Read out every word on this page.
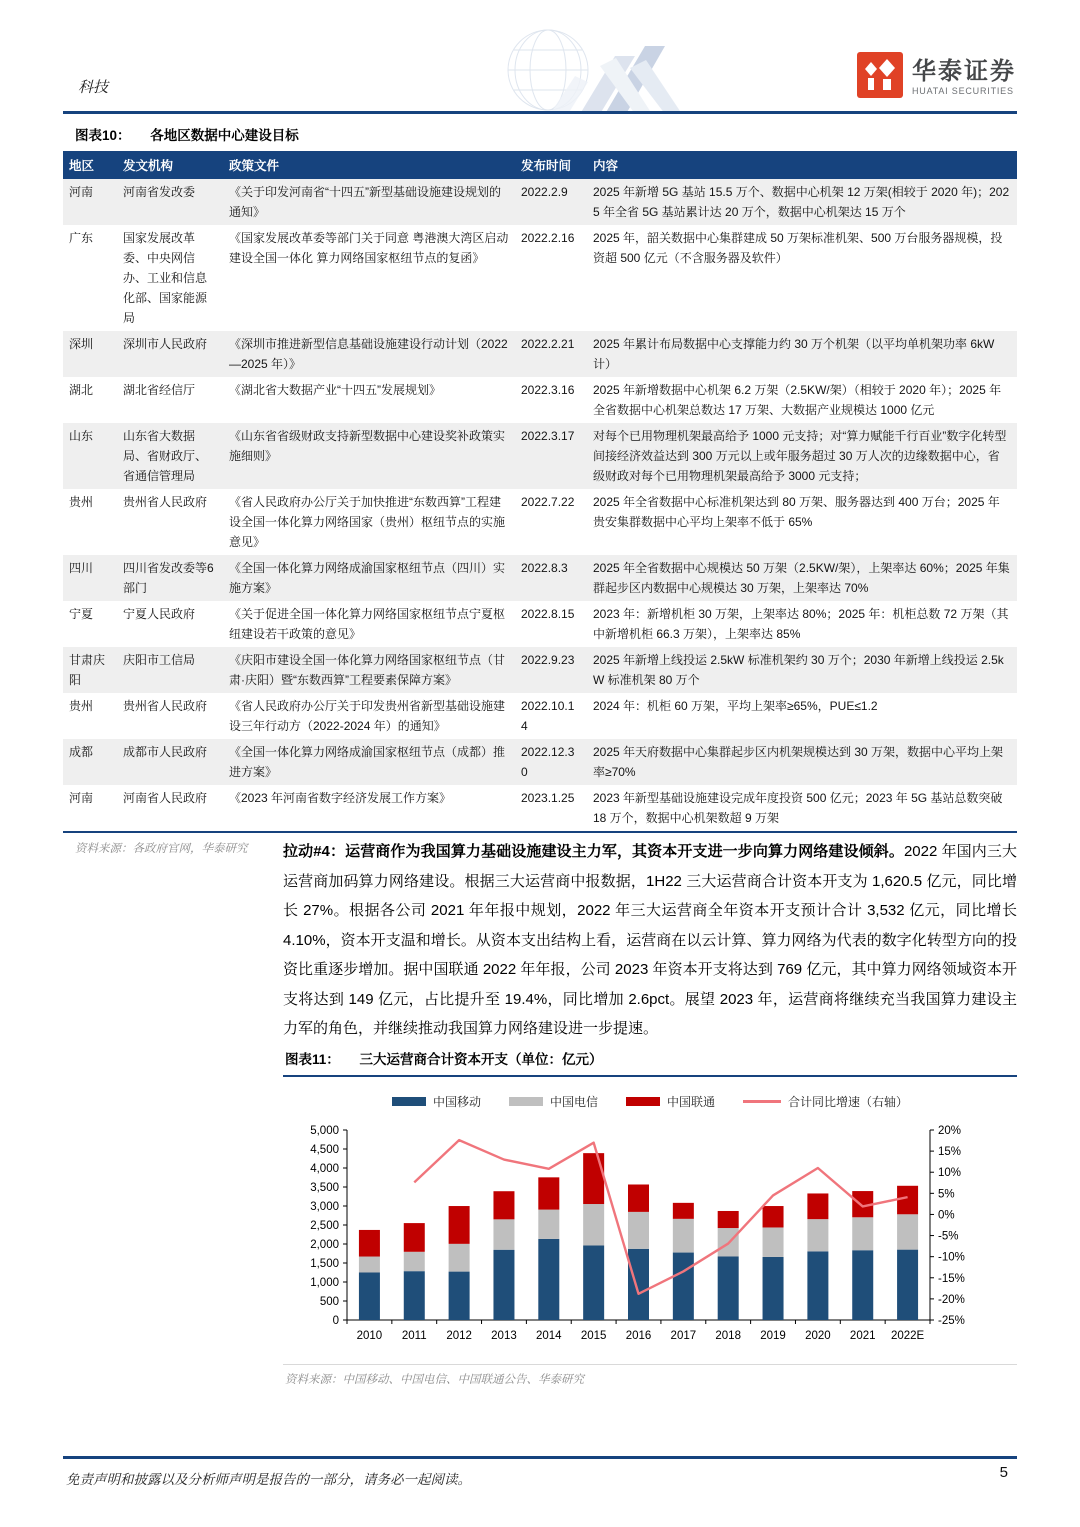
科技
华泰证券
HUATAI SECURITIES
图表10： 各地区数据中心建设目标
地区	发文机构	政策文件	发布时间	内容
河南	河南省发改委	《关于印发河南省“十四五”新型基础设施建设规划的通知》	2022.2.9	2025 年新增 5G 基站 15.5 万个、数据中心机架 12 万架(相较于 2020 年)；2025 年全省 5G 基站累计达 20 万个，数据中心机架达 15 万个
广东	国家发展改革委、中央网信办、工业和信息化部、国家能源局	《国家发展改革委等部门关于同意 粤港澳大湾区启动建设全国一体化 算力网络国家枢纽节点的复函》	2022.2.16	2025 年，韶关数据中心集群建成 50 万架标准机架、500 万台服务器规模，投资超 500 亿元（不含服务器及软件）
深圳	深圳市人民政府	《深圳市推进新型信息基础设施建设行动计划（2022—2025 年）》	2022.2.21	2025 年累计布局数据中心支撑能力约 30 万个机架（以平均单机架功率 6kW 计）
湖北	湖北省经信厅	《湖北省大数据产业“十四五”发展规划》	2022.3.16	2025 年新增数据中心机架 6.2 万架（2.5KW/架）（相较于 2020 年）；2025 年全省数据中心机架总数达 17 万架、大数据产业规模达 1000 亿元
山东	山东省大数据局、省财政厅、省通信管理局	《山东省省级财政支持新型数据中心建设奖补政策实施细则》	2022.3.17	对每个已用物理机架最高给予 1000 元支持；对“算力赋能千行百业”数字化转型间接经济效益达到 300 万元以上或年服务超过 30 万人次的边缘数据中心，省级财政对每个已用物理机架最高给予 3000 元支持；
贵州	贵州省人民政府	《省人民政府办公厅关于加快推进“东数西算”工程建设全国一体化算力网络国家（贵州）枢纽节点的实施意见》	2022.7.22	2025 年全省数据中心标准机架达到 80 万架、服务器达到 400 万台；2025 年贵安集群数据中心平均上架率不低于 65%
四川	四川省发改委等6部门	《全国一体化算力网络成渝国家枢纽节点（四川）实施方案》	2022.8.3	2025 年全省数据中心规模达 50 万架（2.5KW/架），上架率达 60%；2025 年集群起步区内数据中心规模达 30 万架，上架率达 70%
宁夏	宁夏人民政府	《关于促进全国一体化算力网络国家枢纽节点宁夏枢纽建设若干政策的意见》	2022.8.15	2023 年：新增机柜 30 万架，上架率达 80%；2025 年：机柜总数 72 万架（其中新增机柜 66.3 万架），上架率达 85%
甘肃庆阳	庆阳市工信局	《庆阳市建设全国一体化算力网络国家枢纽节点（甘肃·庆阳）暨“东数西算”工程要素保障方案》	2022.9.23	2025 年新增上线投运 2.5kW 标准机架约 30 万个；2030 年新增上线投运 2.5kW 标准机架 80 万个
贵州	贵州省人民政府	《省人民政府办公厅关于印发贵州省新型基础设施建设三年行动方（2022-2024 年）的通知》	2022.10.14	2024 年：机柜 60 万架，平均上架率≥65%，PUE≤1.2
成都	成都市人民政府	《全国一体化算力网络成渝国家枢纽节点（成都）推进方案》	2022.12.30	2025 年天府数据中心集群起步区内机架规模达到 30 万架，数据中心平均上架率≥70%
河南	河南省人民政府	《2023 年河南省数字经济发展工作方案》	2023.1.25	2023 年新型基础设施建设完成年度投资 500 亿元；2023 年 5G 基站总数突破 18 万个，数据中心机架数超 9 万架
资料来源：各政府官网，华泰研究	拉动#4：运营商作为我国算力基础设施建设主力军，其资本开支进一步向算力网络建设倾斜。2022 年国内三大运营商加码算力网络建设。根据三大运营商中报数据，1H22 三大运营商合计资本开支为 1,620.5 亿元，同比增长 27%。根据各公司 2021 年年报中规划，2022 年三大运营商全年资本开支预计合计 3,532 亿元，同比增长 4.10%，资本开支温和增长。从资本支出结构上看，运营商在以云计算、算力网络为代表的数字化转型方向的投资比重逐步增加。据中国联通 2022 年年报，公司 2023 年资本开支将达到 769 亿元，其中算力网络领域资本开支将达到 149 亿元，占比提升至 19.4%，同比增加 2.6pct。展望 2023 年，运营商将继续充当我国算力建设主力军的角色，并继续推动我国算力网络建设进一步提速。

图表11： 三大运营商合计资本开支（单位：亿元）
中国移动	中国电信	中国联通	合计同比增速（右轴）
0
500
1,000
1,500
2,000
2,500
3,000
3,500
4,000
4,500
5,000
-25%
-20%
-15%
-10%
-5%
0%
5%
10%
15%
20%
2010 2011 2012 2013 2014 2015 2016 2017 2018 2019 2020 2021 2022E
资料来源：中国移动、中国电信、中国联通公告、华泰研究
免责声明和披露以及分析师声明是报告的一部分，请务必一起阅读。	5
